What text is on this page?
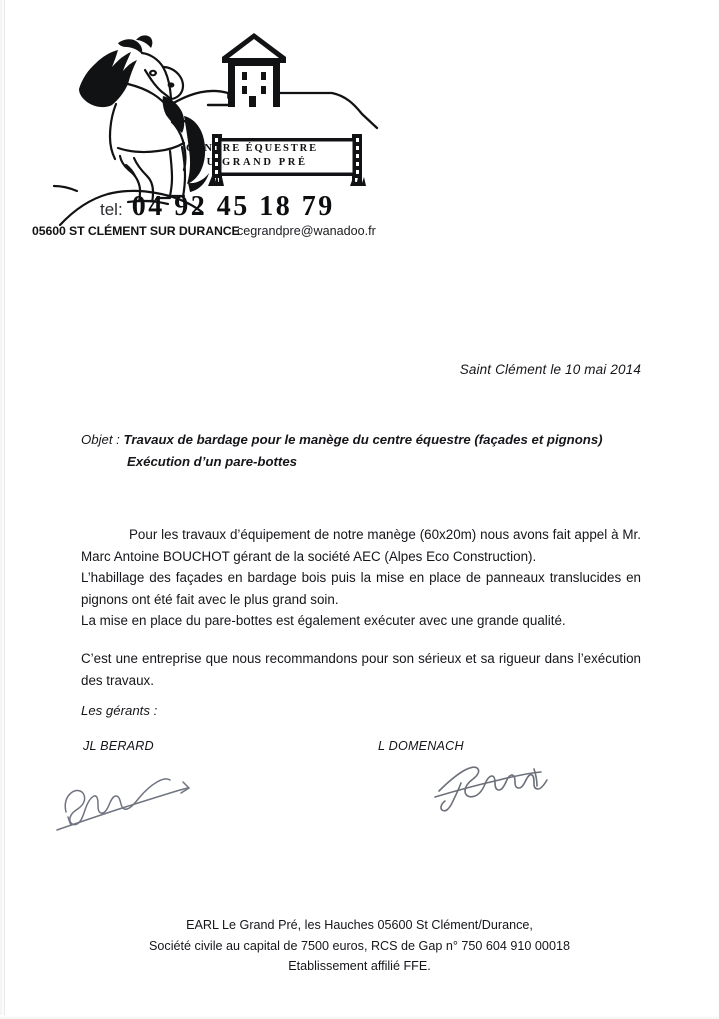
CENTRE ÉQUESTRE
DU GRAND PRÉ
tel: 04 92 45 18 79
05600 ST CLÉMENT SUR DURANCE
cegrandpre@wanadoo.fr
Saint Clément le 10 mai 2014
Objet : Travaux de bardage pour le manège du centre équestre (façades et pignons)
Exécution d’un pare-bottes

Pour les travaux d’équipement de notre manège (60x20m) nous avons fait appel à Mr. Marc Antoine BOUCHOT gérant de la société AEC (Alpes Eco Construction).

L’habillage des façades en bardage bois puis la mise en place de panneaux translucides en pignons ont été fait avec le plus grand soin.

La mise en place du pare-bottes est également exécuter avec une grande qualité.

C’est une entreprise que nous recommandons pour son sérieux et sa rigueur dans l’exécution des travaux.

Les gérants :
JL BERARD	L DOMENACH
EARL Le Grand Pré, les Hauches 05600 St Clément/Durance,
Société civile au capital de 7500 euros, RCS de Gap n° 750 604 910 00018
Etablissement affilié FFE.
